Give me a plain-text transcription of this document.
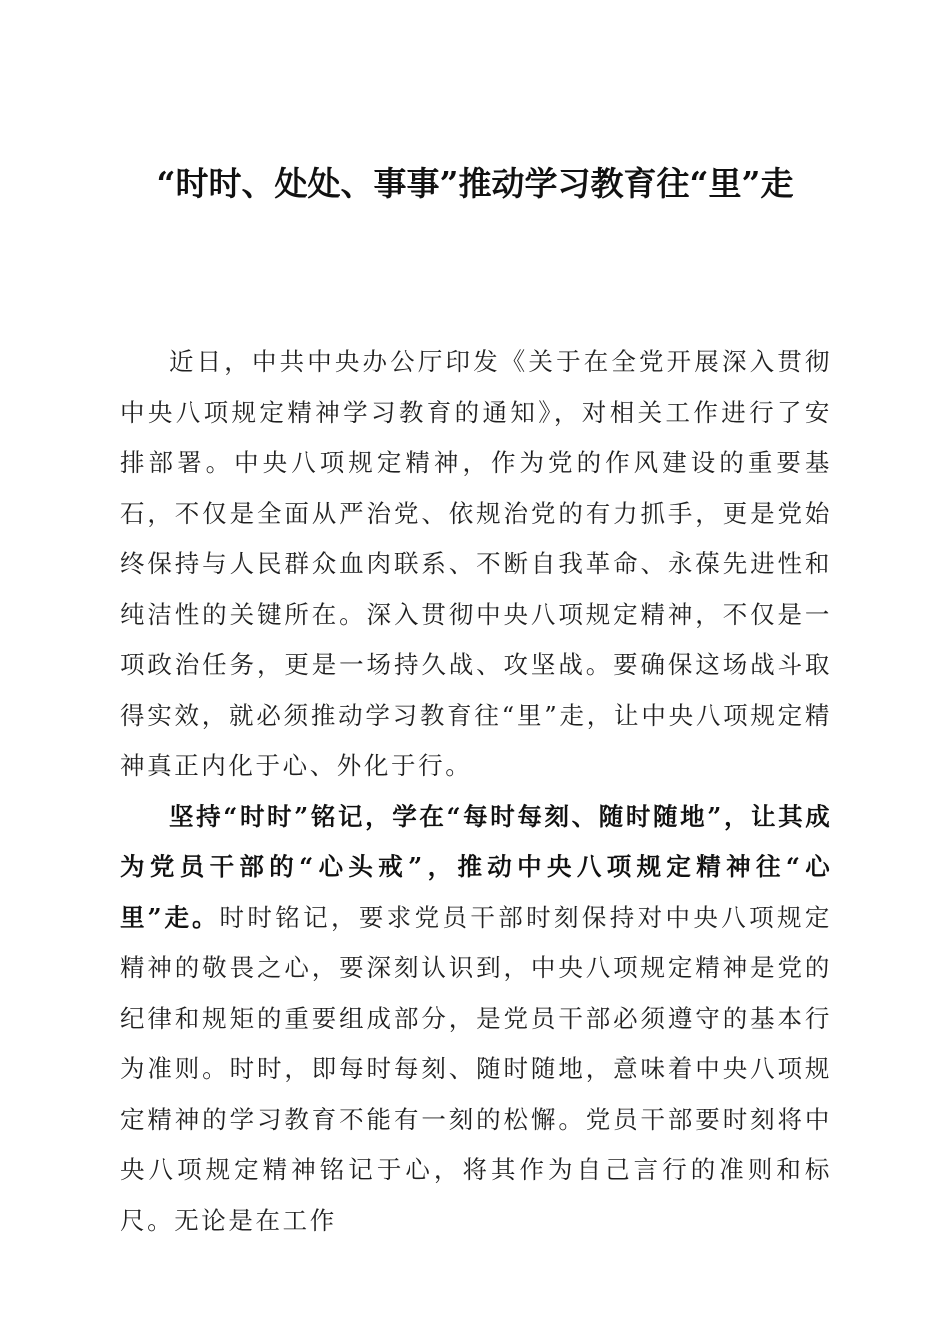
“时时、处处、事事”推动学习教育往“里”走

近日，中共中央办公厅印发《关于在全党开展深入贯彻中央八项规定精神学习教育的通知》，对相关工作进行了安排部署。中央八项规定精神，作为党的作风建设的重要基石，不仅是全面从严治党、依规治党的有力抓手，更是党始终保持与人民群众血肉联系、不断自我革命、永葆先进性和纯洁性的关键所在。深入贯彻中央八项规定精神，不仅是一项政治任务，更是一场持久战、攻坚战。要确保这场战斗取得实效，就必须推动学习教育往“里”走，让中央八项规定精神真正内化于心、外化于行。

坚持“时时”铭记，学在“每时每刻、随时随地”，让其成为党员干部的“心头戒”，推动中央八项规定精神往“心里”走。时时铭记，要求党员干部时刻保持对中央八项规定精神的敬畏之心，要深刻认识到，中央八项规定精神是党的纪律和规矩的重要组成部分，是党员干部必须遵守的基本行为准则。时时，即每时每刻、随时随地，意味着中央八项规定精神的学习教育不能有一刻的松懈。党员干部要时刻将中央八项规定精神铭记于心，将其作为自己言行的准则和标尺。无论是在工作
